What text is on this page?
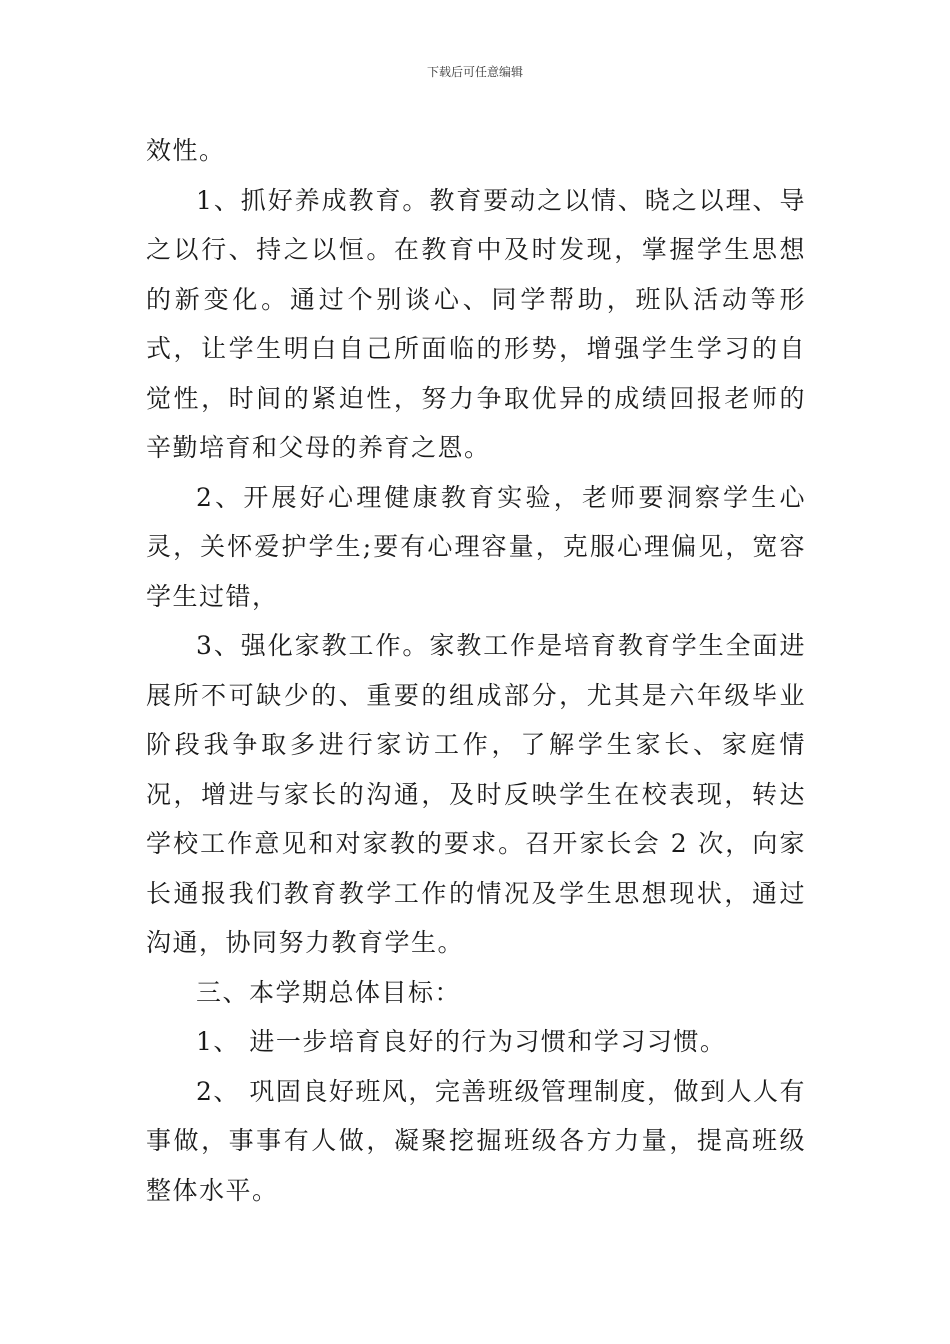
下载后可任意编辑

效性。

1、抓好养成教育。教育要动之以情、晓之以理、导之以行、持之以恒。在教育中及时发现，掌握学生思想的新变化。通过个别谈心、同学帮助，班队活动等形式，让学生明白自己所面临的形势，增强学生学习的自觉性，时间的紧迫性，努力争取优异的成绩回报老师的辛勤培育和父母的养育之恩。

2、开展好心理健康教育实验，老师要洞察学生心灵，关怀爱护学生;要有心理容量，克服心理偏见，宽容学生过错，

3、强化家教工作。家教工作是培育教育学生全面进展所不可缺少的、重要的组成部分，尤其是六年级毕业阶段我争取多进行家访工作，了解学生家长、家庭情况，增进与家长的沟通，及时反映学生在校表现，转达学校工作意见和对家教的要求。召开家长会 2 次，向家长通报我们教育教学工作的情况及学生思想现状，通过沟通，协同努力教育学生。

三、本学期总体目标：

1、 进一步培育良好的行为习惯和学习习惯。

2、 巩固良好班风，完善班级管理制度，做到人人有事做，事事有人做，凝聚挖掘班级各方力量，提高班级整体水平。
